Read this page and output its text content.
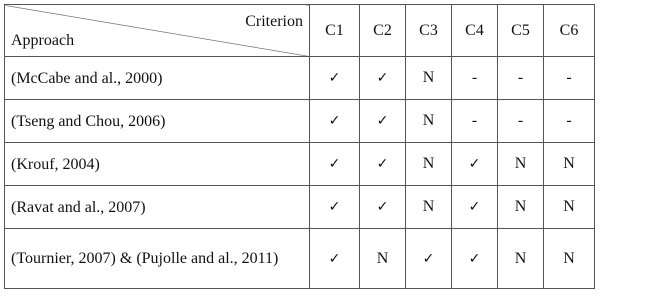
Criterion
Approach	C1	C2	C3	C4	C5	C6
(McCabe and al., 2000)	✓	✓	N	-	-	-
(Tseng and Chou, 2006)	✓	✓	N	-	-	-
(Krouf, 2004)	✓	✓	N	✓	N	N
(Ravat and al., 2007)	✓	✓	N	✓	N	N
(Tournier, 2007) & (Pujolle and al., 2011)	✓	N	✓	✓	N	N
